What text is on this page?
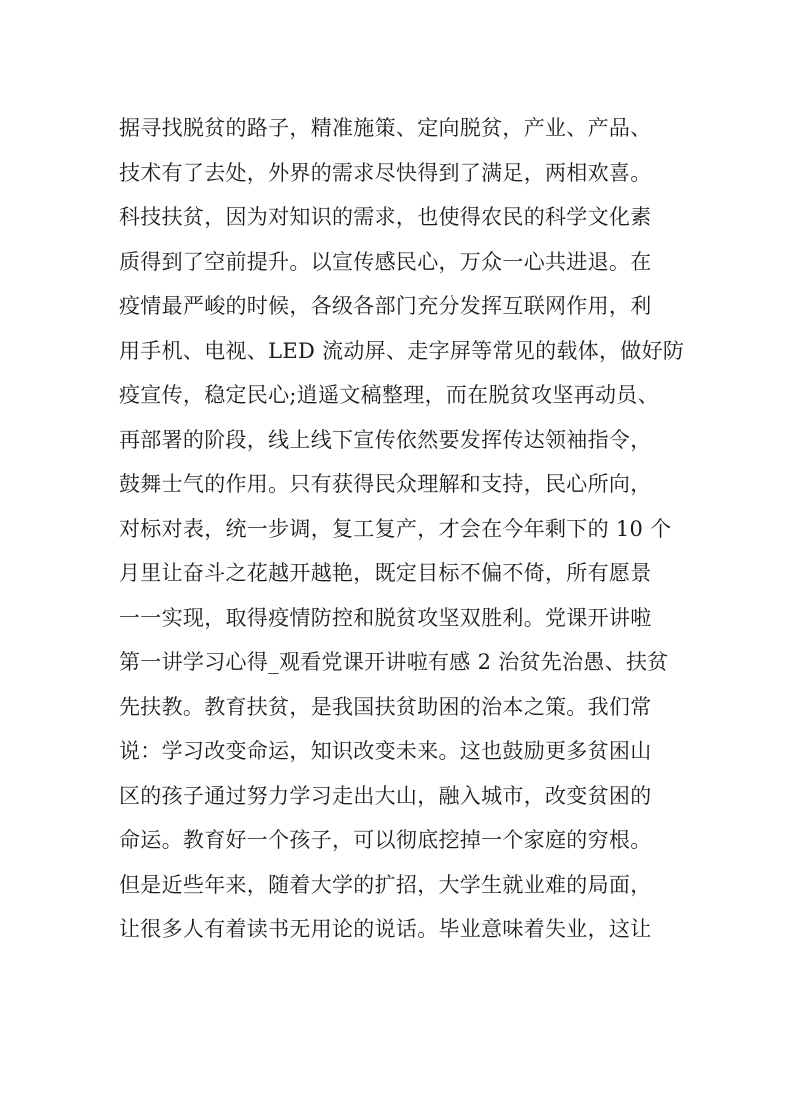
据寻找脱贫的路子，精准施策、定向脱贫，产业、产品、
技术有了去处，外界的需求尽快得到了满足，两相欢喜。
科技扶贫，因为对知识的需求，也使得农民的科学文化素
质得到了空前提升。以宣传感民心，万众一心共进退。在
疫情最严峻的时候，各级各部门充分发挥互联网作用，利
用手机、电视、LED 流动屏、走字屏等常见的载体，做好防
疫宣传，稳定民心;逍遥文稿整理，而在脱贫攻坚再动员、
再部署的阶段，线上线下宣传依然要发挥传达领袖指令，
鼓舞士气的作用。只有获得民众理解和支持，民心所向，
对标对表，统一步调，复工复产，才会在今年剩下的 10 个
月里让奋斗之花越开越艳，既定目标不偏不倚，所有愿景
一一实现，取得疫情防控和脱贫攻坚双胜利。党课开讲啦
第一讲学习心得_观看党课开讲啦有感 2 治贫先治愚、扶贫
先扶教。教育扶贫，是我国扶贫助困的治本之策。我们常
说：学习改变命运，知识改变未来。这也鼓励更多贫困山
区的孩子通过努力学习走出大山，融入城市，改变贫困的
命运。教育好一个孩子，可以彻底挖掉一个家庭的穷根。
但是近些年来，随着大学的扩招，大学生就业难的局面，
让很多人有着读书无用论的说话。毕业意味着失业，这让
